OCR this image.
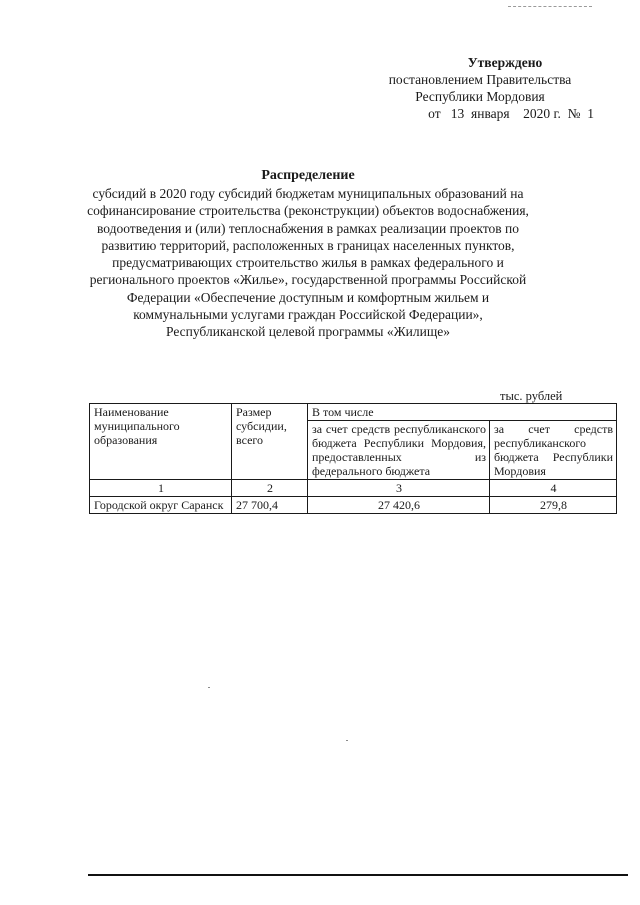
Утверждено
постановлением Правительства
Республики Мордовия
от   13  января    2020 г.  №  1
Распределение
субсидий в 2020 году субсидий бюджетам муниципальных образований на софинансирование строительства (реконструкции) объектов водоснабжения, водоотведения и (или) теплоснабжения в рамках реализации проектов по развитию территорий, расположенных в границах населенных пунктов, предусматривающих строительство жилья в рамках федерального и регионального проектов «Жилье», государственной программы Российской Федерации «Обеспечение доступным и комфортным жильем и коммунальными услугами граждан Российской Федерации», Республиканской целевой программы «Жилище»
тыс. рублей
Наименование муниципального образования	Размер субсидии, всего	В том числе	
		за счет средств республиканского бюджета Республики Мордовия, предоставленных из федерального бюджета	за счет средств республиканского бюджета Республики Мордовия
1	2	3	4
Городской округ Саранск	27 700,4	27 420,6	279,8
